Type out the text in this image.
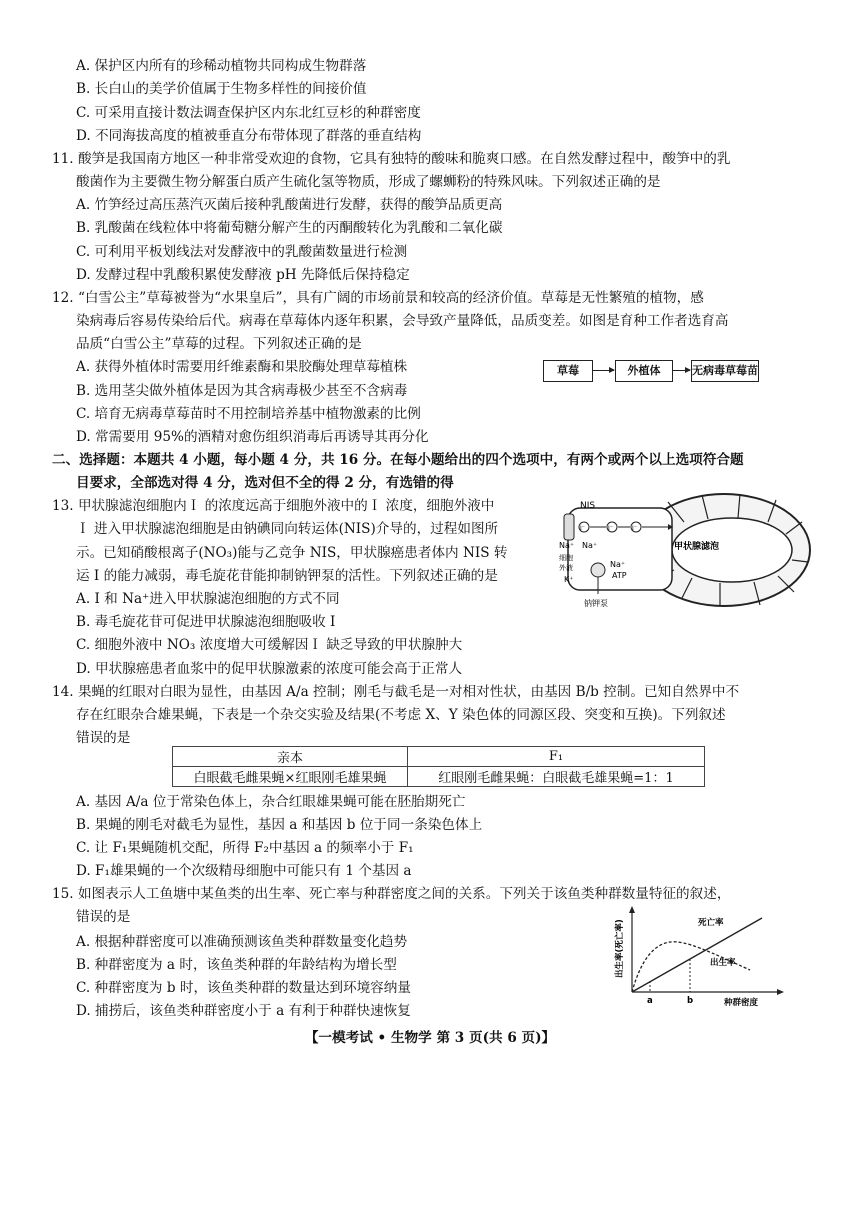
A. 保护区内所有的珍稀动植物共同构成生物群落
B. 长白山的美学价值属于生物多样性的间接价值
C. 可采用直接计数法调查保护区内东北红豆杉的种群密度
D. 不同海拔高度的植被垂直分布带体现了群落的垂直结构
11. 酸笋是我国南方地区一种非常受欢迎的食物，它具有独特的酸味和脆爽口感。在自然发酵过程中，酸笋中的乳
酸菌作为主要微生物分解蛋白质产生硫化氢等物质，形成了螺蛳粉的特殊风味。下列叙述正确的是
A. 竹笋经过高压蒸汽灭菌后接种乳酸菌进行发酵，获得的酸笋品质更高
B. 乳酸菌在线粒体中将葡萄糖分解产生的丙酮酸转化为乳酸和二氧化碳
C. 可利用平板划线法对发酵液中的乳酸菌数量进行检测
D. 发酵过程中乳酸积累使发酵液 pH 先降低后保持稳定
12. “白雪公主”草莓被誉为“水果皇后”，具有广阔的市场前景和较高的经济价值。草莓是无性繁殖的植物，感
染病毒后容易传染给后代。病毒在草莓体内逐年积累，会导致产量降低，品质变差。如图是育种工作者选育高
品质“白雪公主”草莓的过程。下列叙述正确的是
A. 获得外植体时需要用纤维素酶和果胶酶处理草莓植株
B. 选用茎尖做外植体是因为其含病毒极少甚至不含病毒
C. 培育无病毒草莓苗时不用控制培养基中植物激素的比例
D. 常需要用 95%的酒精对愈伤组织消毒后再诱导其再分化
草莓	外植体	无病毒草莓苗
二、选择题：本题共 4 小题，每小题 4 分，共 16 分。在每小题给出的四个选项中，有两个或两个以上选项符合题
目要求，全部选对得 4 分，选对但不全的得 2 分，有选错的得
13. 甲状腺滤泡细胞内Ｉ 的浓度远高于细胞外液中的Ｉ 浓度，细胞外液中
Ｉ 进入甲状腺滤泡细胞是由钠碘同向转运体(NIS)介导的，过程如图所
示。已知硝酸根离子(NO₃)能与乙竞争 NIS，甲状腺癌患者体内 NIS 转
运 I 的能力减弱，毒毛旋花苷能抑制钠钾泵的活性。下列叙述正确的是
A. I 和 Na⁺进入甲状腺滤泡细胞的方式不同
B. 毒毛旋花苷可促进甲状腺滤泡细胞吸收 I
C. 细胞外液中 NO₃ 浓度增大可缓解因Ｉ 缺乏导致的甲状腺肿大
D. 甲状腺癌患者血浆中的促甲状腺激素的浓度可能会高于正常人
NIS
I⁻	I⁻	I⁻
甲状腺滤泡
Na⁺
细胞
外液
Na⁺
Na⁺
ATP
K⁺
钠钾泵
14. 果蝇的红眼对白眼为显性，由基因 A/a 控制；刚毛与截毛是一对相对性状，由基因 B/b 控制。已知自然界中不
存在红眼杂合雄果蝇，下表是一个杂交实验及结果(不考虑 X、Y 染色体的同源区段、突变和互换)。下列叙述
错误的是
亲本	F₁
白眼截毛雌果蝇×红眼刚毛雄果蝇	红眼刚毛雌果蝇：白眼截毛雄果蝇=1：1
A. 基因 A/a 位于常染色体上，杂合红眼雄果蝇可能在胚胎期死亡
B. 果蝇的刚毛对截毛为显性，基因 a 和基因 b 位于同一条染色体上
C. 让 F₁果蝇随机交配，所得 F₂中基因 a 的频率小于 F₁
D. F₁雄果蝇的一个次级精母细胞中可能只有 1 个基因 a
15. 如图表示人工鱼塘中某鱼类的出生率、死亡率与种群密度之间的关系。下列关于该鱼类种群数量特征的叙述，
错误的是
A. 根据种群密度可以准确预测该鱼类种群数量变化趋势
B. 种群密度为 a 时，该鱼类种群的年龄结构为增长型
C. 种群密度为 b 时，该鱼类种群的数量达到环境容纳量
D. 捕捞后，该鱼类种群密度小于 a 有利于种群快速恢复
出生率(死亡率)	死亡率
出生率
a	b	种群密度
【一模考试 • 生物学 第 3 页(共 6 页)】
